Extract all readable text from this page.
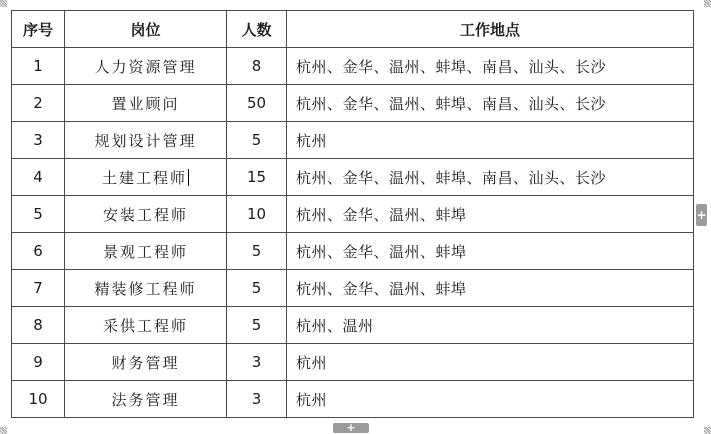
序号	岗位	人数	工作地点
1	人力资源管理	8	杭州、金华、温州、蚌埠、南昌、汕头、长沙
2	置业顾问	50	杭州、金华、温州、蚌埠、南昌、汕头、长沙
3	规划设计管理	5	杭州
4	土建工程师	15	杭州、金华、温州、蚌埠、南昌、汕头、长沙
5	安装工程师	10	杭州、金华、温州、蚌埠
6	景观工程师	5	杭州、金华、温州、蚌埠
7	精装修工程师	5	杭州、金华、温州、蚌埠
8	采供工程师	5	杭州、温州
9	财务管理	3	杭州
10	法务管理	3	杭州
+
+
